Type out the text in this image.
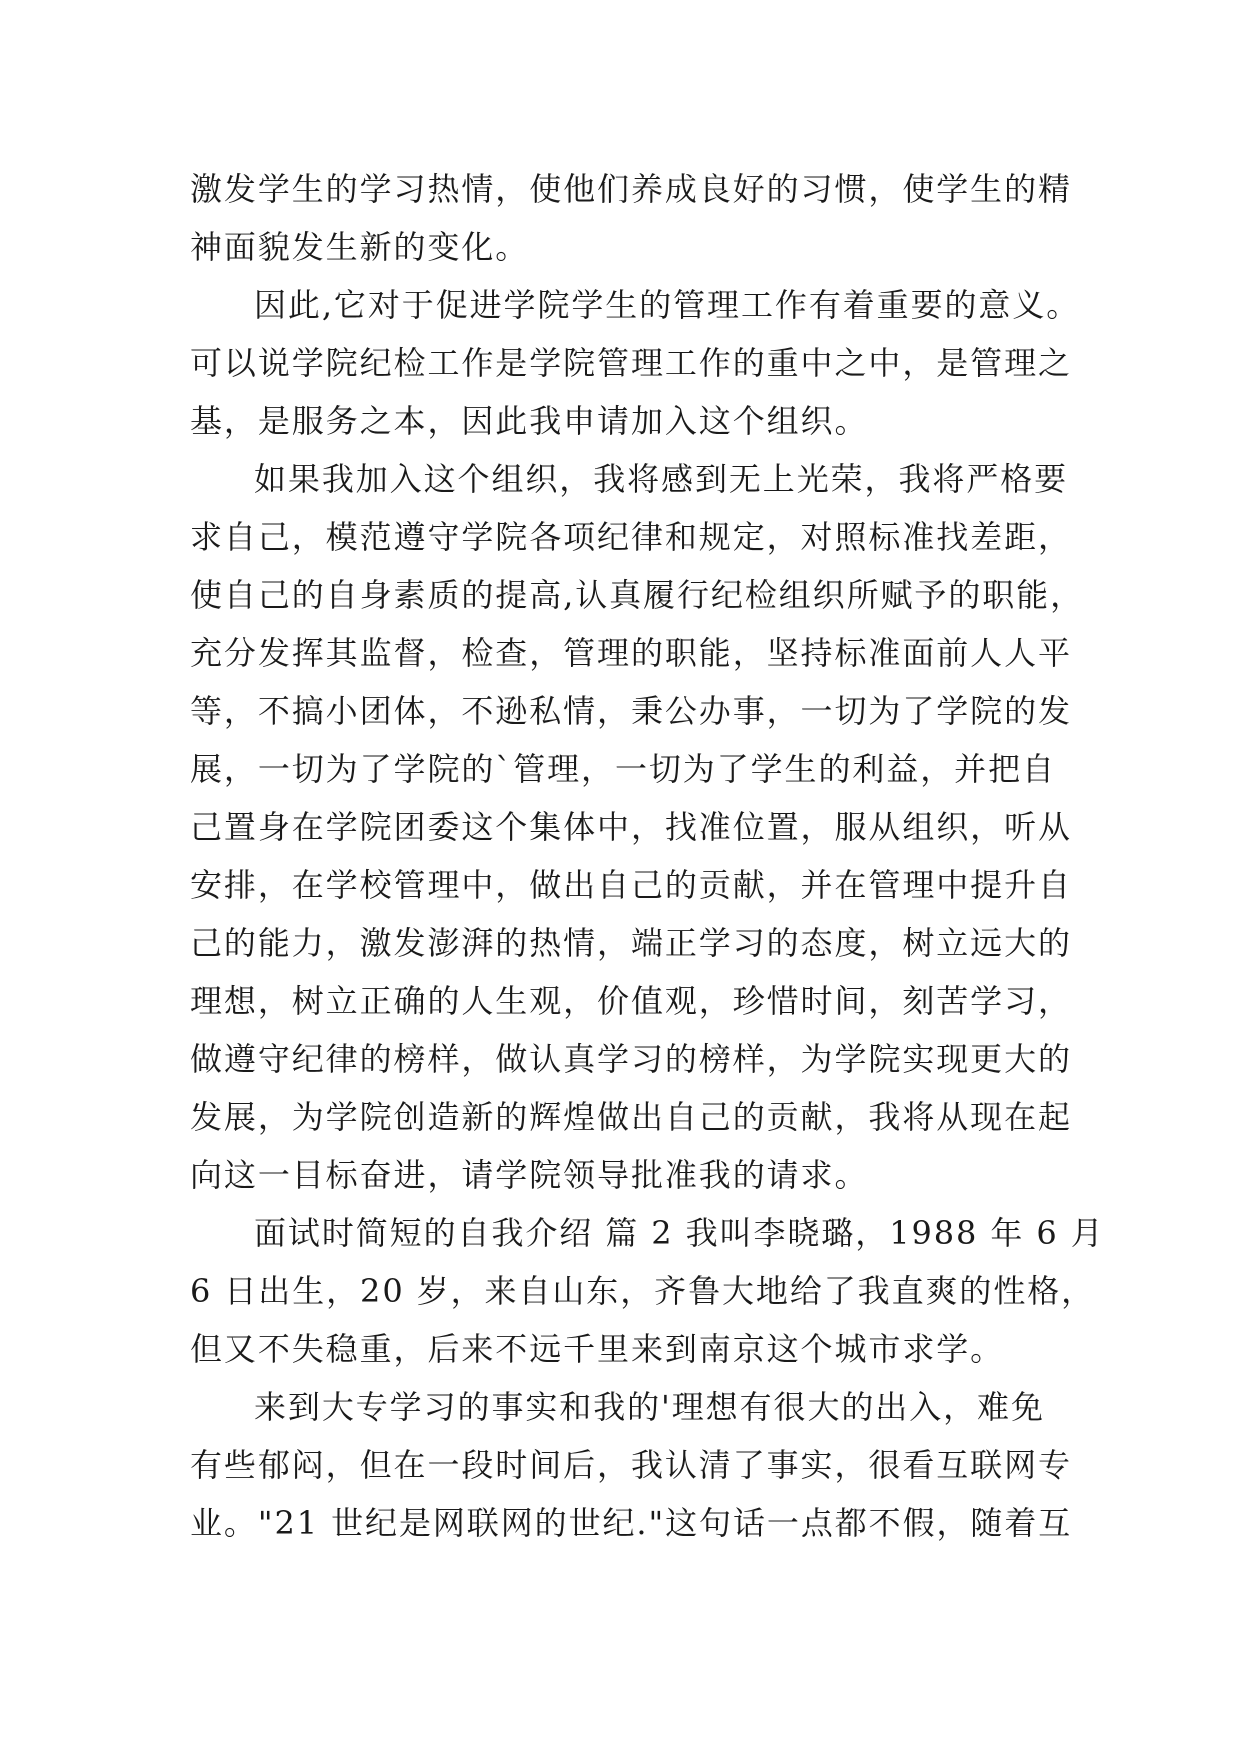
激发学生的学习热情，使他们养成良好的习惯，使学生的精
神面貌发生新的变化。
因此,它对于促进学院学生的管理工作有着重要的意义。
可以说学院纪检工作是学院管理工作的重中之中，是管理之
基，是服务之本，因此我申请加入这个组织。
如果我加入这个组织，我将感到无上光荣，我将严格要
求自己，模范遵守学院各项纪律和规定，对照标准找差距，
使自己的自身素质的提高,认真履行纪检组织所赋予的职能，
充分发挥其监督，检查，管理的职能，坚持标准面前人人平
等，不搞小团体，不逊私情，秉公办事，一切为了学院的发
展，一切为了学院的`管理，一切为了学生的利益，并把自
己置身在学院团委这个集体中，找准位置，服从组织，听从
安排，在学校管理中，做出自己的贡献，并在管理中提升自
己的能力，激发澎湃的热情，端正学习的态度，树立远大的
理想，树立正确的人生观，价值观，珍惜时间，刻苦学习，
做遵守纪律的榜样，做认真学习的榜样，为学院实现更大的
发展，为学院创造新的辉煌做出自己的贡献，我将从现在起
向这一目标奋进，请学院领导批准我的请求。
面试时简短的自我介绍 篇 2 我叫李晓璐，1988 年 6 月
6 日出生，20 岁，来自山东，齐鲁大地给了我直爽的性格，
但又不失稳重，后来不远千里来到南京这个城市求学。
来到大专学习的事实和我的'理想有很大的出入，难免
有些郁闷，但在一段时间后，我认清了事实，很看互联网专
业。"21 世纪是网联网的世纪."这句话一点都不假，随着互
